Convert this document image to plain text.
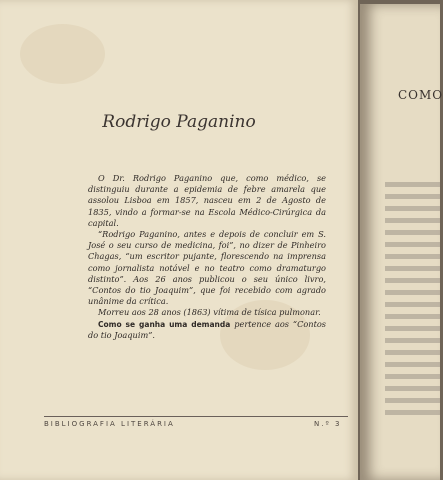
Rodrigo Paganino

O Dr. Rodrigo Paganino que, como médico, se distinguiu durante a epidemia de febre amarela que assolou Lisboa em 1857, nasceu em 2 de Agosto de 1835, vindo a formar-se na Escola Médico-Cirúrgica da capital.

“Rodrigo Paganino, antes e depois de concluir em S. José o seu curso de medicina, foi”, no dizer de Pinheiro Chagas, “um escritor pujante, florescendo na imprensa como jornalista notável e no teatro como dramaturgo distinto”. Aos 26 anos publicou o seu único livro, “Contos do tio Joaquim”, que foi recebido com agrado unânime da crítica.

Morreu aos 28 anos (1863) vítima de tísica pulmonar.

Como se ganha uma demanda pertence aos “Contos do tio Joaquim”.

BIBLIOGRAFIA LITERÁRIA	N.º 3
COMO
